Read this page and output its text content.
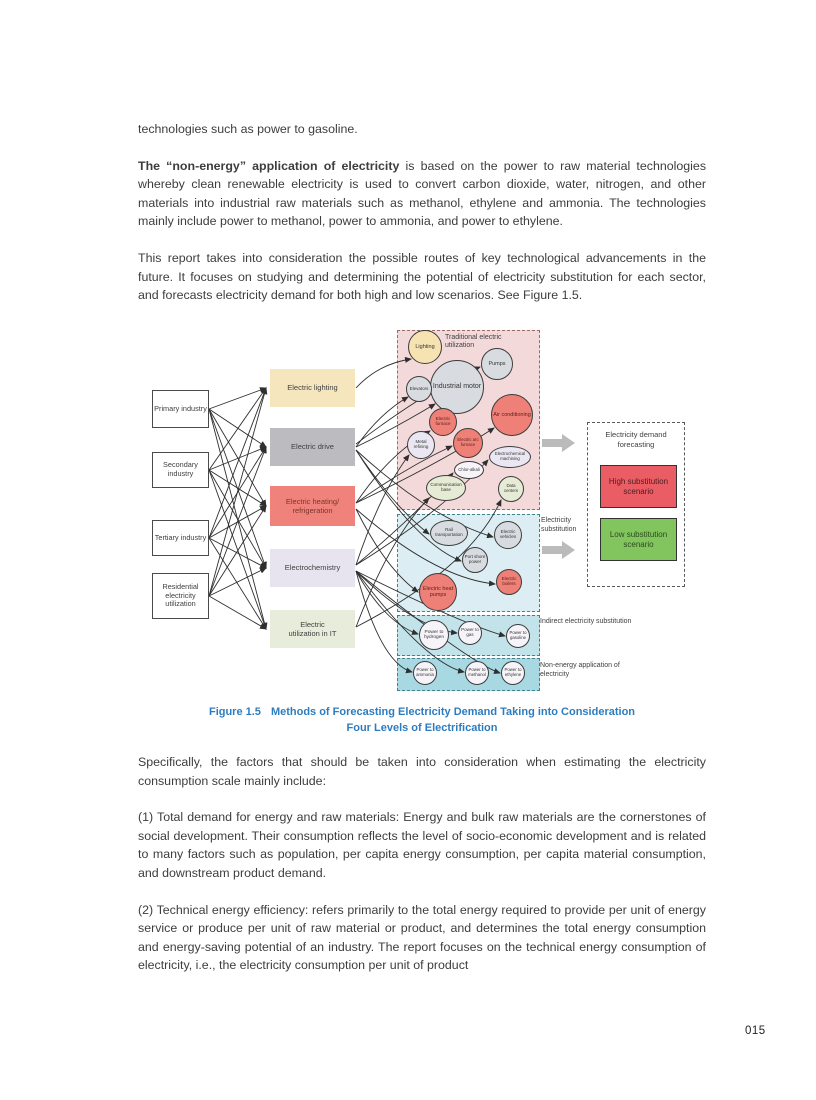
technologies such as power to gasoline.

The “non-energy” application of electricity is based on the power to raw material technologies whereby clean renewable electricity is used to convert carbon dioxide, water, nitrogen, and other materials into industrial raw materials such as methanol, ethylene and ammonia. The technologies mainly include power to methanol, power to ammonia, and power to ethylene.

This report takes into consideration the possible routes of key technological advancements in the future. It focuses on studying and determining the potential of electricity substitution for each sector, and forecasts electricity demand for both high and low scenarios. See Figure 1.5.

Primary industry
Secondary industry
Tertiary industry
Residential electricity utilization
Electric lighting
Electric drive
Electric heating/ refrigeration
Electrochemistry
Electric utilization in IT
Traditional electric utilization
Lighting
Pumps
Industrial motor
Elevators
Electric furnace
Air conditioning
Electric arc furnace
Metal refining
Electrochemical machining
Chlor-alkali
Communication base
Data centers
Rail transportation
Electric vehicles
Port shore power
Electric heat pumps
Electric boilers
Power to hydrogen
Power to gas	Power to gasoline
Power to ammonia
Power to methanol
Power to ethylene
Electricity substitution
Indirect electricity substitution
Non-energy application of electricity
Electricity demand forecasting
High substitution scenario
Low substitution scenario
Figure 1.5 Methods of Forecasting Electricity Demand Taking into Consideration
Four Levels of Electrification

Specifically, the factors that should be taken into consideration when estimating the electricity consumption scale mainly include:

(1) Total demand for energy and raw materials: Energy and bulk raw materials are the cornerstones of social development. Their consumption reflects the level of socio-economic development and is related to many factors such as population, per capita energy consumption, per capita material consumption, and downstream product demand.

(2) Technical energy efficiency: refers primarily to the total energy required to provide per unit of energy service or produce per unit of raw material or product, and determines the total energy consumption and energy-saving potential of an industry. The report focuses on the technical energy consumption of electricity, i.e., the electricity consumption per unit of product

015
